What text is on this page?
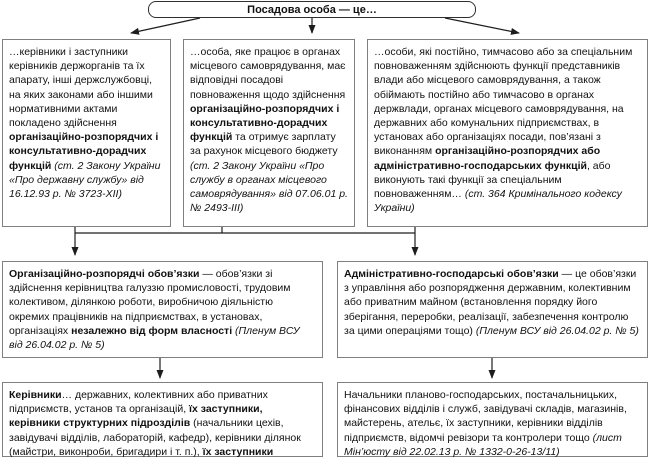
Посадова особа — це…
…керівники і заступники керівників держорганів та їх апарату, інші держслужбовці, на яких законами або іншими нормативними актами покладено здійснення організаційно-розпорядчих і консультативно-дорадчих функцій (ст. 2 Закону України «Про державну службу» від 16.12.93 р. № 3723-XII)
…особа, яке працює в органах місцевого самоврядування, має відповідні посадові повноваження щодо здійснення організаційно-розпорядчих і консультативно-дорадчих функцій та отримує зарплату за рахунок місцевого бюджету (ст. 2 Закону України «Про службу в органах місцевого самоврядування» від 07.06.01 р. № 2493-III)
…особи, які постійно, тимчасово або за спеціальним повноваженням здійснюють функції представників влади або місцевого самоврядування, а також обіймають постійно або тимчасово в органах держвлади, органах місцевого самоврядування, на державних або комунальних підприємствах, в установах або організаціях посади, пов’язані з виконанням організаційно-розпорядчих або адміністративно-господарських функцій, або виконують такі функції за спеціальним повноваженням… (ст. 364 Кримінального кодексу України)
Організаційно-розпорядчі обов’язки — обов’язки зі здійснення керівництва галуззю промисловості, трудовим колективом, ділянкою роботи, виробничою діяльністю окремих працівників на підприємствах, в установах, організаціях незалежно від форм власності (Пленум ВСУ від 26.04.02 р. № 5)
Адміністративно-господарські обов’язки — це обов’язки з управління або розпорядження державним, колективним або приватним майном (встановлення порядку його зберігання, переробки, реалізації, забезпечення контролю за цими операціями тощо) (Пленум ВСУ від 26.04.02 р. № 5)
Керівники… державних, колективних або приватних підприємств, установ та організацій, їх заступники, керівники структурних підрозділів (начальники цехів, завідувачі відділів, лабораторій, кафедр), керівники ділянок (майстри, виконроби, бригадири і т. п.), їх заступники
Начальники планово-господарських, постачальницьких, фінансових відділів і служб, завідувачі складів, магазинів, майстерень, ательє, їх заступники, керівники відділів підприємств, відомчі ревізори та контролери тощо (лист Мін’юсту від 22.02.13 р. № 1332-0-26-13/11)
